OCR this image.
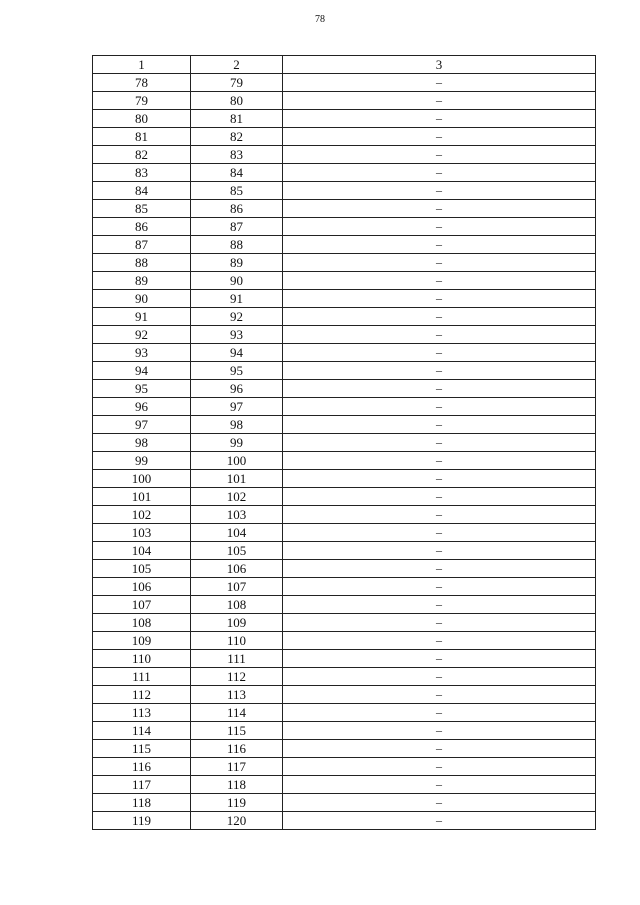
78
1	2	3
78	79	–
79	80	–
80	81	–
81	82	–
82	83	–
83	84	–
84	85	–
85	86	–
86	87	–
87	88	–
88	89	–
89	90	–
90	91	–
91	92	–
92	93	–
93	94	–
94	95	–
95	96	–
96	97	–
97	98	–
98	99	–
99	100	–
100	101	–
101	102	–
102	103	–
103	104	–
104	105	–
105	106	–
106	107	–
107	108	–
108	109	–
109	110	–
110	111	–
111	112	–
112	113	–
113	114	–
114	115	–
115	116	–
116	117	–
117	118	–
118	119	–
119	120	–
